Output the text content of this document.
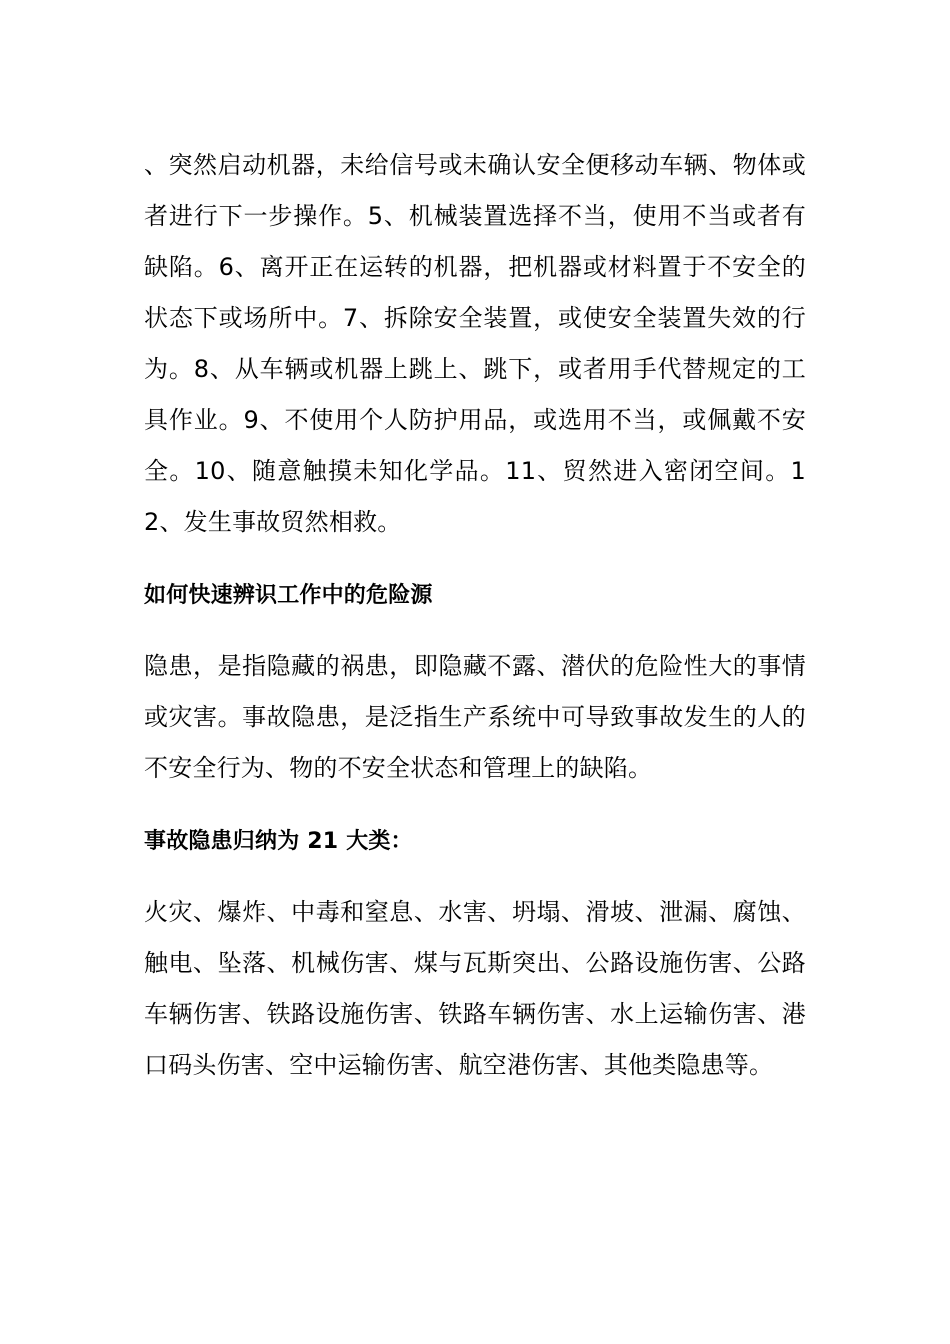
、突然启动机器，未给信号或未确认安全便移动车辆、物体或者进行下一步操作。5、机械装置选择不当，使用不当或者有缺陷。6、离开正在运转的机器，把机器或材料置于不安全的状态下或场所中。7、拆除安全装置，或使安全装置失效的行为。8、从车辆或机器上跳上、跳下，或者用手代替规定的工具作业。9、不使用个人防护用品，或选用不当，或佩戴不安全。10、随意触摸未知化学品。11、贸然进入密闭空间。12、发生事故贸然相救。

如何快速辨识工作中的危险源

隐患，是指隐藏的祸患，即隐藏不露、潜伏的危险性大的事情或灾害。事故隐患，是泛指生产系统中可导致事故发生的人的不安全行为、物的不安全状态和管理上的缺陷。

事故隐患归纳为 21 大类：

火灾、爆炸、中毒和窒息、水害、坍塌、滑坡、泄漏、腐蚀、触电、坠落、机械伤害、煤与瓦斯突出、公路设施伤害、公路车辆伤害、铁路设施伤害、铁路车辆伤害、水上运输伤害、港口码头伤害、空中运输伤害、航空港伤害、其他类隐患等。
